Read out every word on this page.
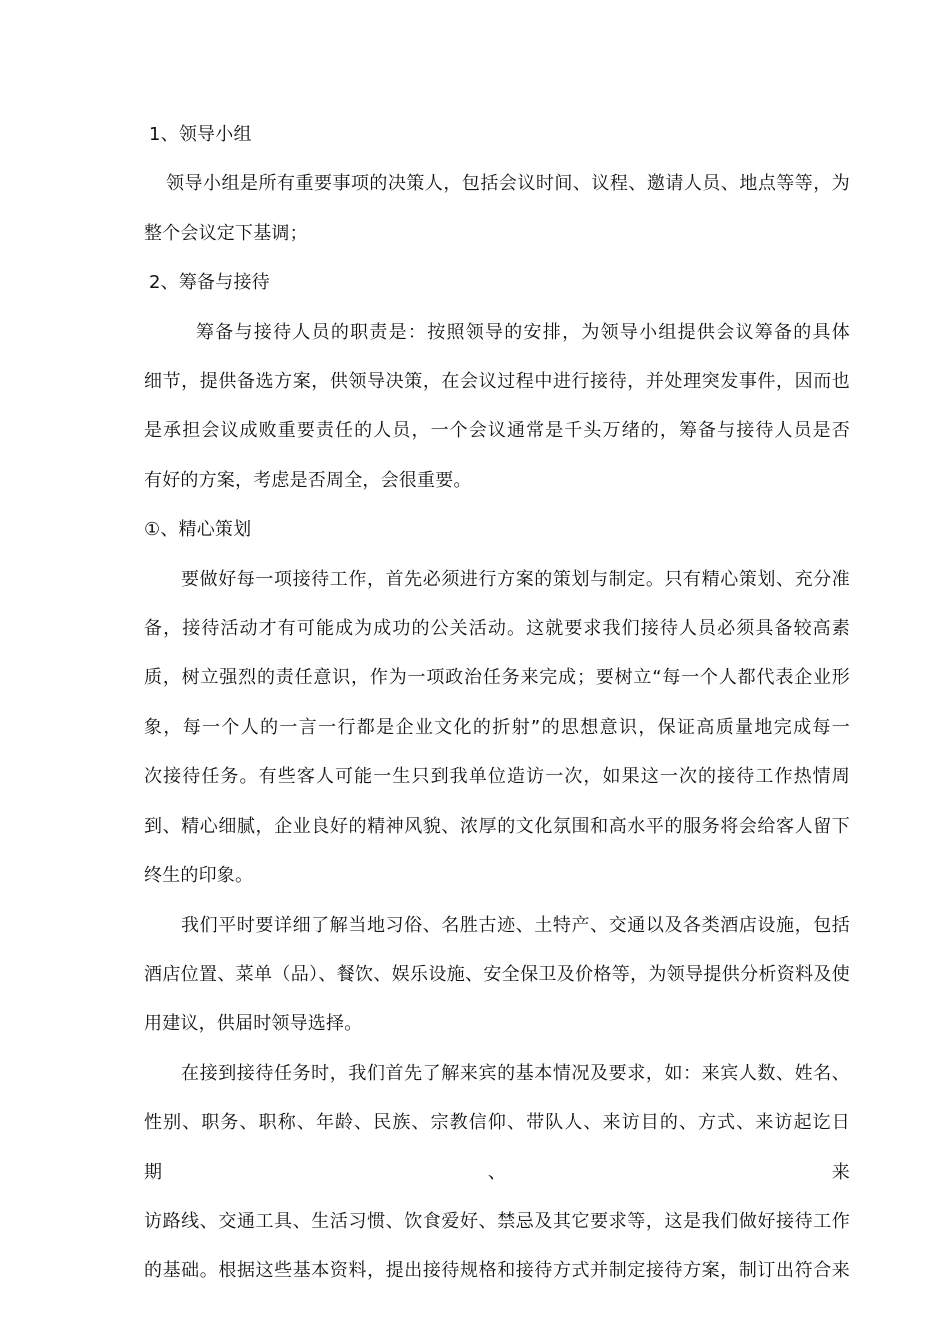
1、领导小组

领导小组是所有重要事项的决策人，包括会议时间、议程、邀请人员、地点等等，为

整个会议定下基调；

2、筹备与接待

筹备与接待人员的职责是：按照领导的安排，为领导小组提供会议筹备的具体

细节，提供备选方案，供领导决策，在会议过程中进行接待，并处理突发事件，因而也

是承担会议成败重要责任的人员，一个会议通常是千头万绪的，筹备与接待人员是否

有好的方案，考虑是否周全，会很重要。

①、精心策划

要做好每一项接待工作，首先必须进行方案的策划与制定。只有精心策划、充分准

备，接待活动才有可能成为成功的公关活动。这就要求我们接待人员必须具备较高素

质，树立强烈的责任意识，作为一项政治任务来完成；要树立“每一个人都代表企业形

象，每一个人的一言一行都是企业文化的折射”的思想意识，保证高质量地完成每一

次接待任务。有些客人可能一生只到我单位造访一次，如果这一次的接待工作热情周

到、精心细腻，企业良好的精神风貌、浓厚的文化氛围和高水平的服务将会给客人留下

终生的印象。

我们平时要详细了解当地习俗、名胜古迹、土特产、交通以及各类酒店设施，包括

酒店位置、菜单（品）、餐饮、娱乐设施、安全保卫及价格等，为领导提供分析资料及使

用建议，供届时领导选择。

在接到接待任务时，我们首先了解来宾的基本情况及要求，如：来宾人数、姓名、

性别、职务、职称、年龄、民族、宗教信仰、带队人、来访目的、方式、来访起讫日期、来

访路线、交通工具、生活习惯、饮食爱好、禁忌及其它要求等，这是我们做好接待工作

的基础。根据这些基本资料，提出接待规格和接待方式并制定接待方案，制订出符合来
